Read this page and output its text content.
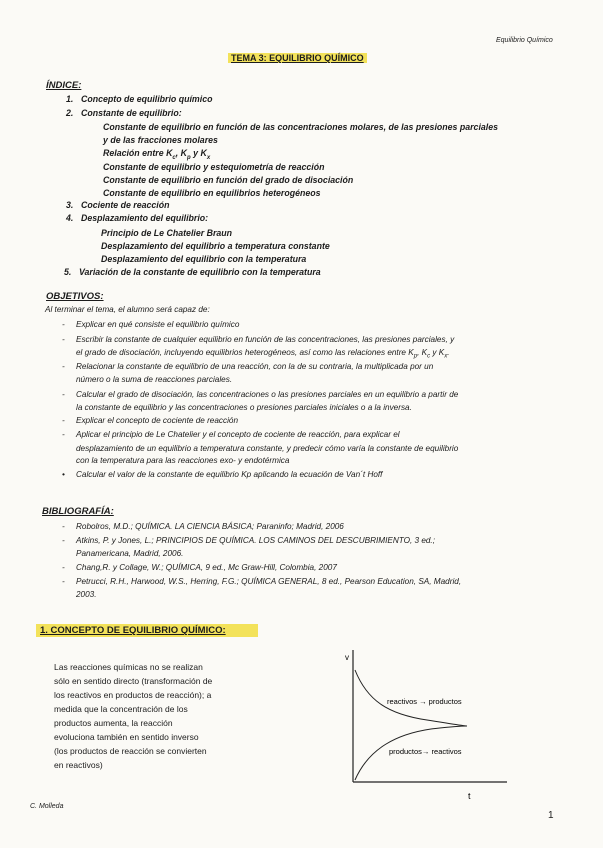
Equilibrio Químico
TEMA 3: EQUILIBRIO QUÍMICO
ÍNDICE:
1. Concepto de equilibrio químico
2. Constante de equilibrio:
Constante de equilibrio en función de las concentraciones molares, de las presiones parciales
y de las fracciones molares
Relación entre $K_c$, $K_p$ y $K_x$
Constante de equilibrio y estequiometría de reacción
Constante de equilibrio en función del grado de disociación
Constante de equilibrio en equilibrios heterogéneos
3. Cociente de reacción
4. Desplazamiento del equilibrio:
Principio de Le Chatelier Braun
Desplazamiento del equilibrio a temperatura constante
Desplazamiento del equilibrio con la temperatura
5. Variación de la constante de equilibrio con la temperatura
OBJETIVOS:
Al terminar el tema, el alumno será capaz de:
- Explicar en qué consiste el equilibrio químico
- Escribir la constante de cualquier equilibrio en función de las concentraciones, las presiones parciales, y
el grado de disociación, incluyendo equilibrios heterogéneos, así como las relaciones entre $K_p$, $K_c$ y $K_x$.
- Relacionar la constante de equilibrio de una reacción, con la de su contraria, la multiplicada por un
número o la suma de reacciones parciales.
- Calcular el grado de disociación, las concentraciones o las presiones parciales en un equilibrio a partir de
la constante de equilibrio y las concentraciones o presiones parciales iniciales o a la inversa.
- Explicar el concepto de cociente de reacción
- Aplicar el principio de Le Chatelier y el concepto de cociente de reacción, para explicar el
desplazamiento de un equilibrio a temperatura constante, y predecir cómo varía la constante de equilibrio
con la temperatura para las reacciones exo- y endotérmica
• Calcular el valor de la constante de equilibrio Kp aplicando la ecuación de Van´t Hoff
BIBLIOGRAFÍA:
- Robolros, M.D.; QUÍMICA. LA CIENCIA BÁSICA; Paraninfo; Madrid, 2006
- Atkins, P. y Jones, L.; PRINCIPIOS DE QUÍMICA. LOS CAMINOS DEL DESCUBRIMIENTO, 3 ed.;
Panamericana, Madrid, 2006.
- Chang,R. y Collage, W.; QUÍMICA, 9 ed., Mc Graw-Hill, Colombia, 2007
- Petrucci, R.H., Harwood, W.S., Herring, F.G.; QUÍMICA GENERAL, 8 ed., Pearson Education, SA, Madrid,
2003.
1. CONCEPTO DE EQUILIBRIO QUÍMICO:
Las reacciones químicas no se realizan
sólo en sentido directo (transformación de
los reactivos en productos de reacción); a
medida que la concentración de los
productos aumenta, la reacción
evoluciona también en sentido inverso
(los productos de reacción se convierten
en reactivos)
v
t
reactivos → productos
productos→ reactivos
C. Molleda
1
